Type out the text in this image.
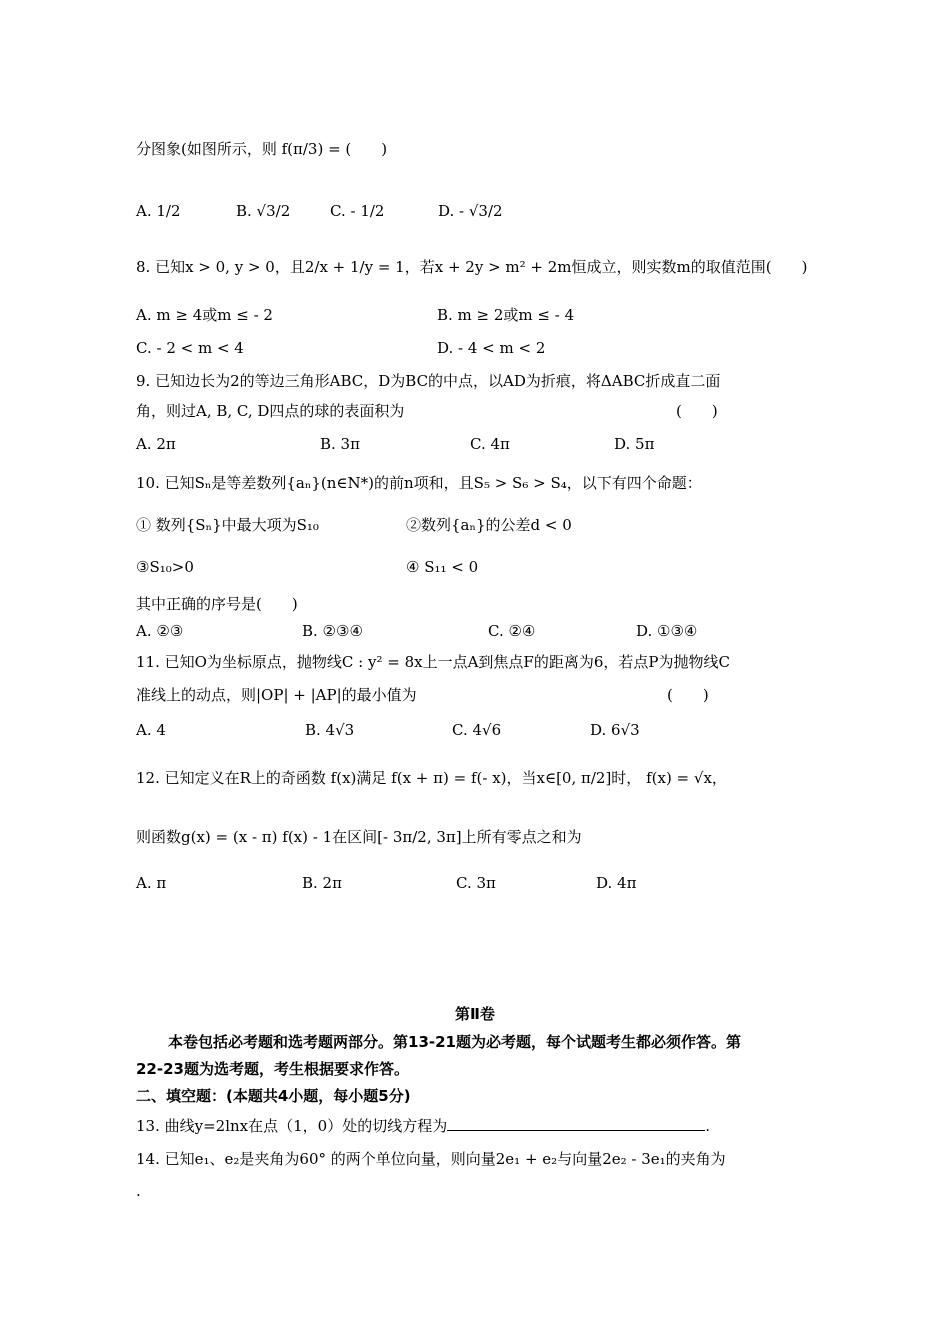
分图象(如图所示，则 f(π/3) = (　　)
A. 1/2	B. √3/2	C. - 1/2	D. - √3/2
8. 已知x > 0, y > 0，且2/x + 1/y = 1，若x + 2y > m² + 2m恒成立，则实数m的取值范围(　　)
A. m ≥ 4或m ≤ - 2	B. m ≥ 2或m ≤ - 4
C. - 2 < m < 4	D. - 4 < m < 2
9. 已知边长为2的等边三角形ABC，D为BC的中点，以AD为折痕，将ΔABC折成直二面
角，则过A, B, C, D四点的球的表面积为	(　　)
A. 2π	B. 3π	C. 4π	D. 5π
10. 已知Sₙ是等差数列{aₙ}(n∈N*)的前n项和，且S₅ > S₆ > S₄，以下有四个命题：
① 数列{Sₙ}中最大项为S₁₀	②数列{aₙ}的公差d < 0
③S₁₀>0	④ S₁₁ < 0
其中正确的序号是(　　)
A. ②③	B. ②③④	C. ②④	D. ①③④
11. 已知O为坐标原点，抛物线C : y² = 8x上一点A到焦点F的距离为6，若点P为抛物线C
准线上的动点，则|OP| + |AP|的最小值为	(　　)
A. 4	B. 4√3	C. 4√6	D. 6√3
12. 已知定义在R上的奇函数 f(x)满足 f(x + π) = f(- x)，当x∈[0, π/2]时， f(x) = √x，
则函数g(x) = (x - π) f(x) - 1在区间[- 3π/2, 3π]上所有零点之和为
A. π	B. 2π	C. 3π	D. 4π
第Ⅱ卷
本卷包括必考题和选考题两部分。第13-21题为必考题，每个试题考生都必须作答。第
22-23题为选考题，考生根据要求作答。
二、填空题：(本题共4小题，每小题5分)
13. 曲线y=2lnx在点（1，0）处的切线方程为	.
14. 已知e₁、e₂是夹角为60° 的两个单位向量，则向量2e₁ + e₂与向量2e₂ - 3e₁的夹角为
.
